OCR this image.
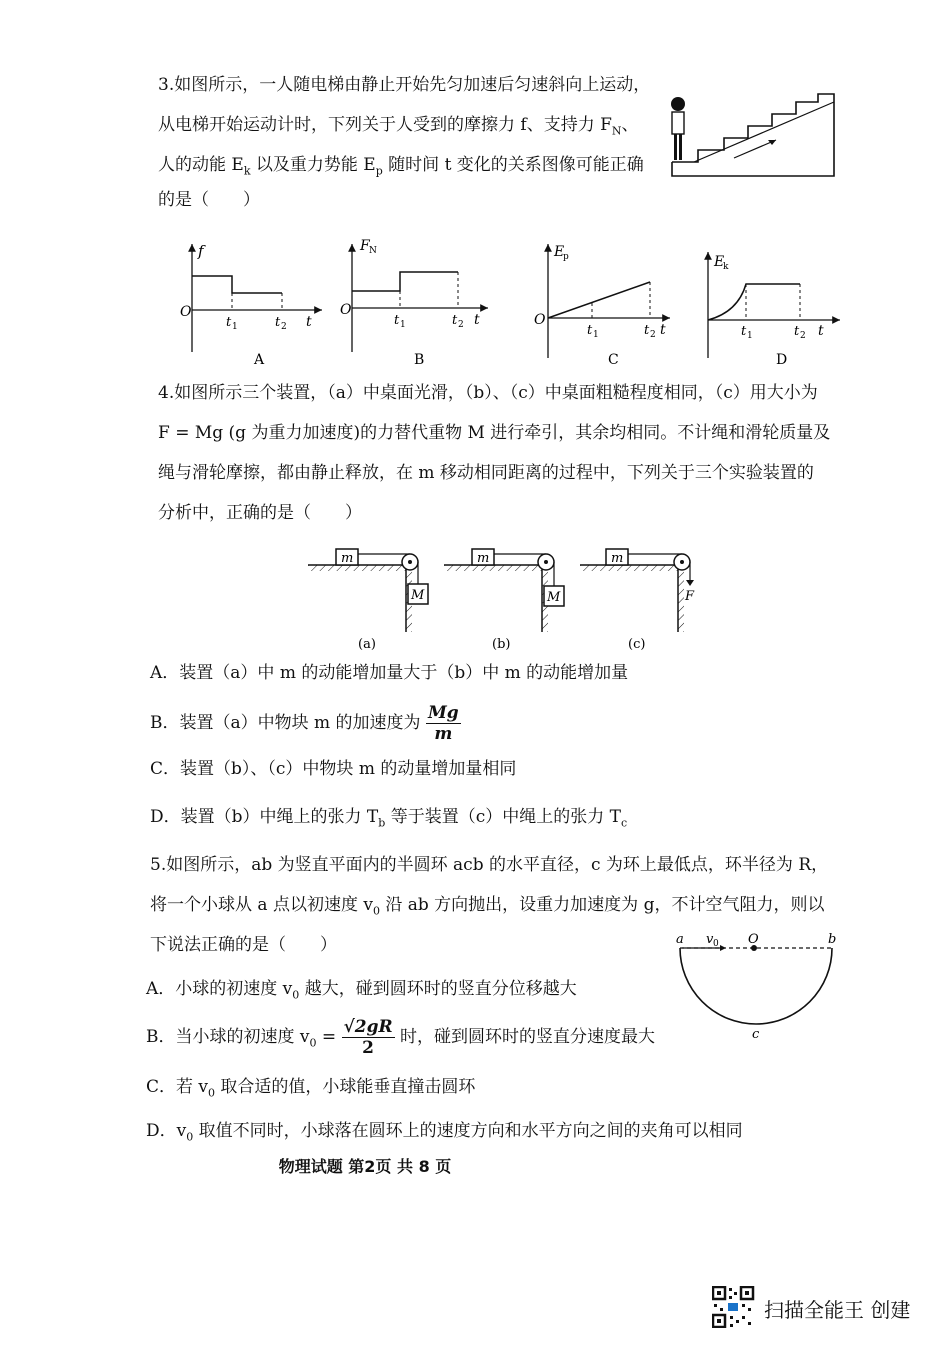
3.如图所示，一人随电梯由静止开始先匀加速后匀速斜向上运动，
从电梯开始运动计时，下列关于人受到的摩擦力 f、支持力 $F_N$、
人的动能 $E_k$ 以及重力势能 $E_p$ 随时间 t 变化的关系图像可能正确
的是（　　）
f
O
t 1	t 2 t
A
F N
O
t 1	t 2 t
B
E
p
O
t 1	t 2 t
C
E
k
t 1	t 2 t
D
4.如图所示三个装置，（a）中桌面光滑，（b）、（c）中桌面粗糙程度相同，（c）用大小为
F = Mg (g 为重力加速度)的力替代重物 M 进行牵引，其余均相同。不计绳和滑轮质量及
绳与滑轮摩擦，都由静止释放，在 m 移动相同距离的过程中，下列关于三个实验装置的
分析中，正确的是（　　）
m
M
(a)
m
M
(b)
m
F
(c)
A．装置（a）中 m 的动能增加量大于（b）中 m 的动能增加量
B．装置（a）中物块 m 的加速度为 $\frac{Mg}{m}$
C．装置（b）、（c）中物块 m 的动量增加量相同
D．装置（b）中绳上的张力 $T_b$ 等于装置（c）中绳上的张力 $T_c$
5.如图所示，ab 为竖直平面内的半圆环 acb 的水平直径，c 为环上最低点，环半径为 R，
将一个小球从 a 点以初速度 $v_0$ 沿 ab 方向抛出，设重力加速度为 g，不计空气阻力，则以
下说法正确的是（　　）	a v 0 O	b
c
A．小球的初速度 $v_0$ 越大，碰到圆环时的竖直分位移越大
B．当小球的初速度 $v_0 = \frac{√2gR}{2}$ 时，碰到圆环时的竖直分速度最大
C．若 $v_0$ 取合适的值，小球能垂直撞击圆环
D．$v_0$ 取值不同时，小球落在圆环上的速度方向和水平方向之间的夹角可以相同
物理试题 第2页 共 8 页
扫描全能王 创建
